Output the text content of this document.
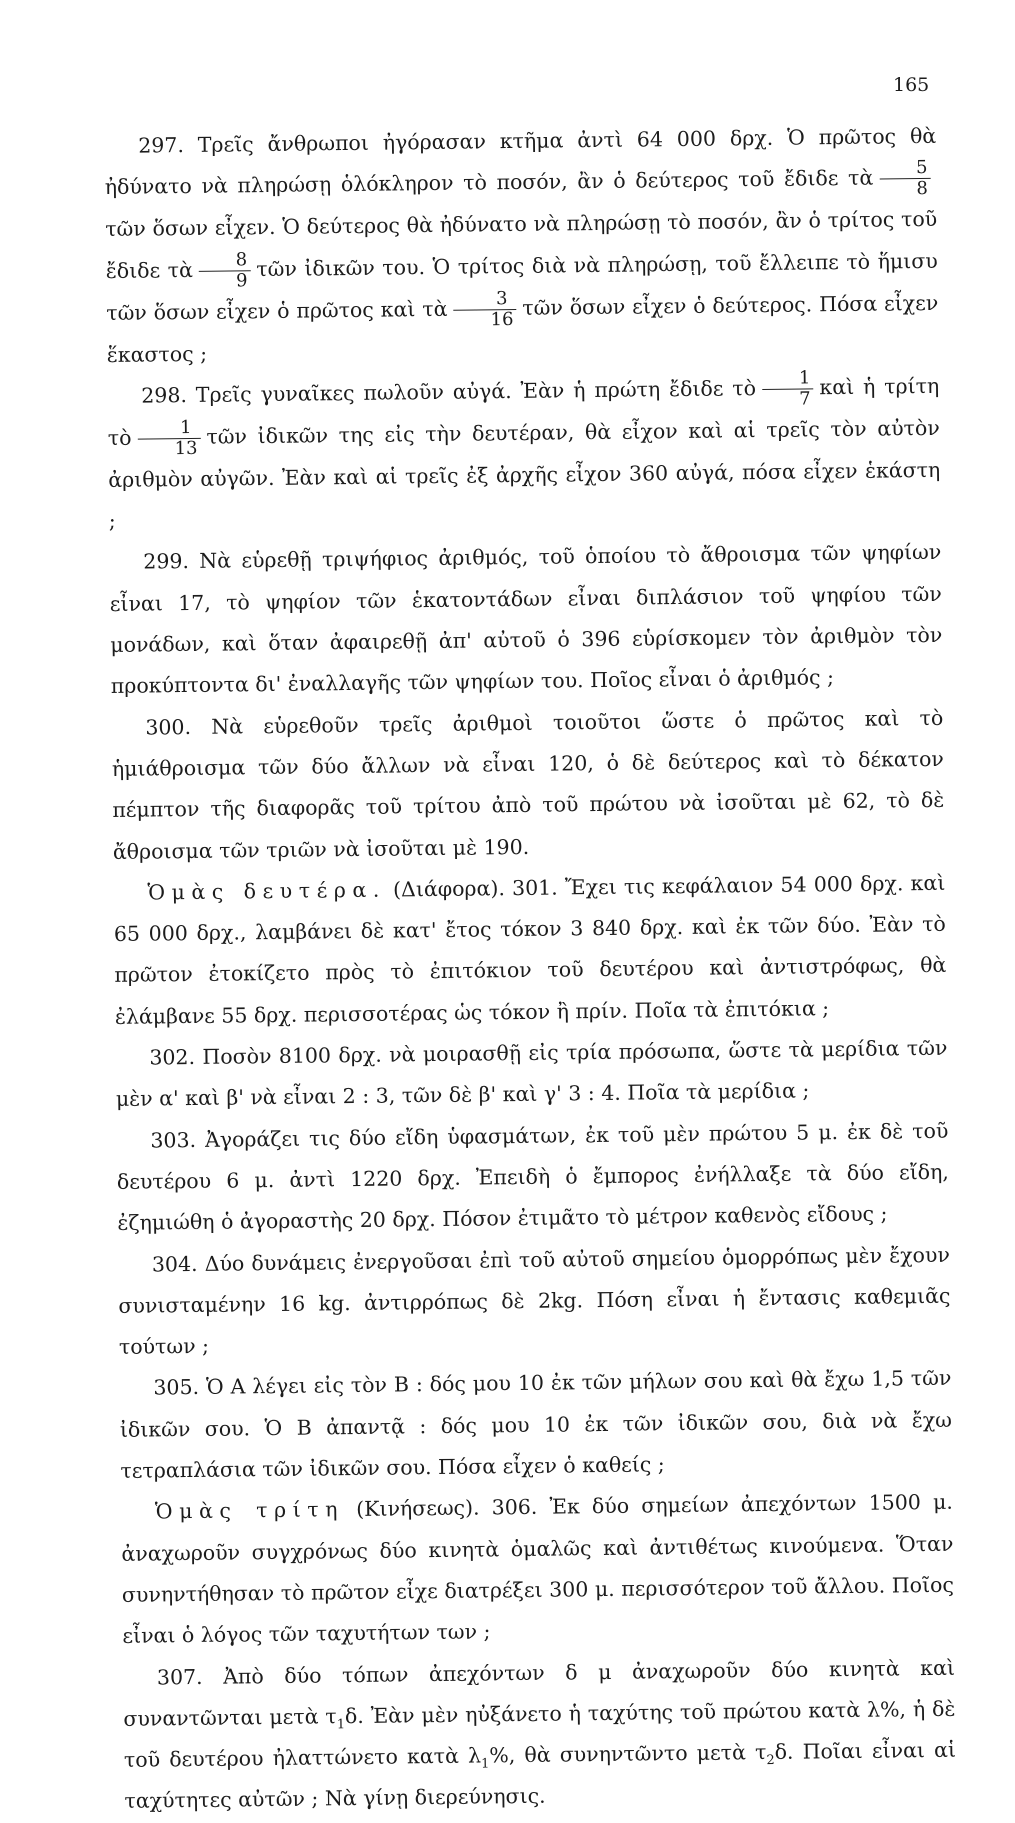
165

297. Τρεῖς ἄνθρωποι ἠγόρασαν κτῆμα ἀντὶ 64 000 δρχ. Ὁ πρῶτος θὰ ἠδύνατο νὰ πληρώσῃ ὁλόκληρον τὸ ποσόν, ἂν ὁ δεύτερος τοῦ ἔδιδε τὰ $\frac{5}{8}$
τῶν ὅσων εἶχεν. Ὁ δεύτερος θὰ ἠδύνατο νὰ πληρώσῃ τὸ ποσόν, ἂν ὁ τρίτος τοῦ ἔδιδε τὰ $\frac{8}{9}$ τῶν ἰδικῶν του. Ὁ τρίτος διὰ νὰ πληρώσῃ, τοῦ ἔλλειπε τὸ ἥμισυ τῶν ὅσων εἶχεν ὁ πρῶτος καὶ τὰ $\frac{3}{16}$ τῶν ὅσων εἶχεν ὁ δεύτερος. Πόσα εἶχεν ἕκαστος ;

298. Τρεῖς γυναῖκες πωλοῦν αὐγά. Ἐὰν ἡ πρώτη ἔδιδε τὸ $\frac{1}{7}$ καὶ ἡ τρίτη τὸ $\frac{1}{13}$ τῶν ἰδικῶν της εἰς τὴν δευτέραν, θὰ εἶχον καὶ αἱ τρεῖς τὸν αὐτὸν ἀριθμὸν αὐγῶν. Ἐὰν καὶ αἱ τρεῖς ἐξ ἀρχῆς εἶχον 360 αὐγά, πόσα εἶχεν ἑκάστη ;

299. Νὰ εὑρεθῇ τριψήφιος ἀριθμός, τοῦ ὁποίου τὸ ἄθροισμα τῶν ψηφίων εἶναι 17, τὸ ψηφίον τῶν ἑκατοντάδων εἶναι διπλάσιον τοῦ ψηφίου τῶν μονάδων, καὶ ὅταν ἀφαιρεθῇ ἀπ' αὐτοῦ ὁ 396 εὑρίσκομεν τὸν ἀριθμὸν τὸν προκύπτοντα δι' ἐναλλαγῆς τῶν ψηφίων του. Ποῖος εἶναι ὁ ἀριθμός ;

300. Νὰ εὑρεθοῦν τρεῖς ἀριθμοὶ τοιοῦτοι ὥστε ὁ πρῶτος καὶ τὸ ἡμιάθροισμα τῶν δύο ἄλλων νὰ εἶναι 120, ὁ δὲ δεύτερος καὶ τὸ δέκατον πέμπτον τῆς διαφορᾶς τοῦ τρίτου ἀπὸ τοῦ πρώτου νὰ ἰσοῦται μὲ 62, τὸ δὲ ἄθροισμα τῶν τριῶν νὰ ἰσοῦται μὲ 190.

Ὁμὰς δευτέρα. (Διάφορα). 301. Ἔχει τις κεφάλαιον 54 000 δρχ. καὶ 65 000 δρχ., λαμβάνει δὲ κατ' ἔτος τόκον 3 840 δρχ. καὶ ἐκ τῶν δύο. Ἐὰν τὸ πρῶτον ἐτοκίζετο πρὸς τὸ ἐπιτόκιον τοῦ δευτέρου καὶ ἀντιστρόφως, θὰ ἐλάμβανε 55 δρχ. περισσοτέρας ὡς τόκον ἢ πρίν. Ποῖα τὰ ἐπιτόκια ;

302. Ποσὸν 8100 δρχ. νὰ μοιρασθῇ εἰς τρία πρόσωπα, ὥστε τὰ μερίδια τῶν μὲν α' καὶ β' νὰ εἶναι 2 : 3, τῶν δὲ β' καὶ γ' 3 : 4. Ποῖα τὰ μερίδια ;

303. Ἀγοράζει τις δύο εἴδη ὑφασμάτων, ἐκ τοῦ μὲν πρώτου 5 μ. ἐκ δὲ τοῦ δευτέρου 6 μ. ἀντὶ 1220 δρχ. Ἐπειδὴ ὁ ἔμπορος ἐνήλλαξε τὰ δύο εἴδη, ἐζημιώθη ὁ ἀγοραστὴς 20 δρχ. Πόσον ἐτιμᾶτο τὸ μέτρον καθενὸς εἴδους ;

304. Δύο δυνάμεις ἐνεργοῦσαι ἐπὶ τοῦ αὐτοῦ σημείου ὁμορρόπως μὲν ἔχουν συνισταμένην 16 kg. ἀντιρρόπως δὲ 2kg. Πόση εἶναι ἡ ἔντασις καθεμιᾶς τούτων ;

305. Ὁ Α λέγει εἰς τὸν Β : δός μου 10 ἐκ τῶν μήλων σου καὶ θὰ ἔχω 1,5 τῶν ἰδικῶν σου. Ὁ Β ἀπαντᾷ : δός μου 10 ἐκ τῶν ἰδικῶν σου, διὰ νὰ ἔχω τετραπλάσια τῶν ἰδικῶν σου. Πόσα εἶχεν ὁ καθείς ;

Ὁμὰς τρίτη (Κινήσεως). 306. Ἐκ δύο σημείων ἀπεχόντων 1500 μ. ἀναχωροῦν συγχρόνως δύο κινητὰ ὁμαλῶς καὶ ἀντιθέτως κινούμενα. Ὅταν συνηντήθησαν τὸ πρῶτον εἶχε διατρέξει 300 μ. περισσότερον τοῦ ἄλλου. Ποῖος εἶναι ὁ λόγος τῶν ταχυτήτων των ;

307. Ἀπὸ δύο τόπων ἀπεχόντων δ μ ἀναχωροῦν δύο κινητὰ καὶ συναντῶνται μετὰ $\tau_1\delta$. Ἐὰν μὲν ηὐξάνετο ἡ ταχύτης τοῦ πρώτου κατὰ λ%, ἡ δὲ τοῦ δευτέρου ἠλαττώνετο κατὰ $\lambda_1\%$, θὰ συνηντῶντο μετὰ $\tau_2\delta$. Ποῖαι εἶναι αἱ ταχύτητες αὐτῶν ; Νὰ γίνῃ διερεύνησις.
